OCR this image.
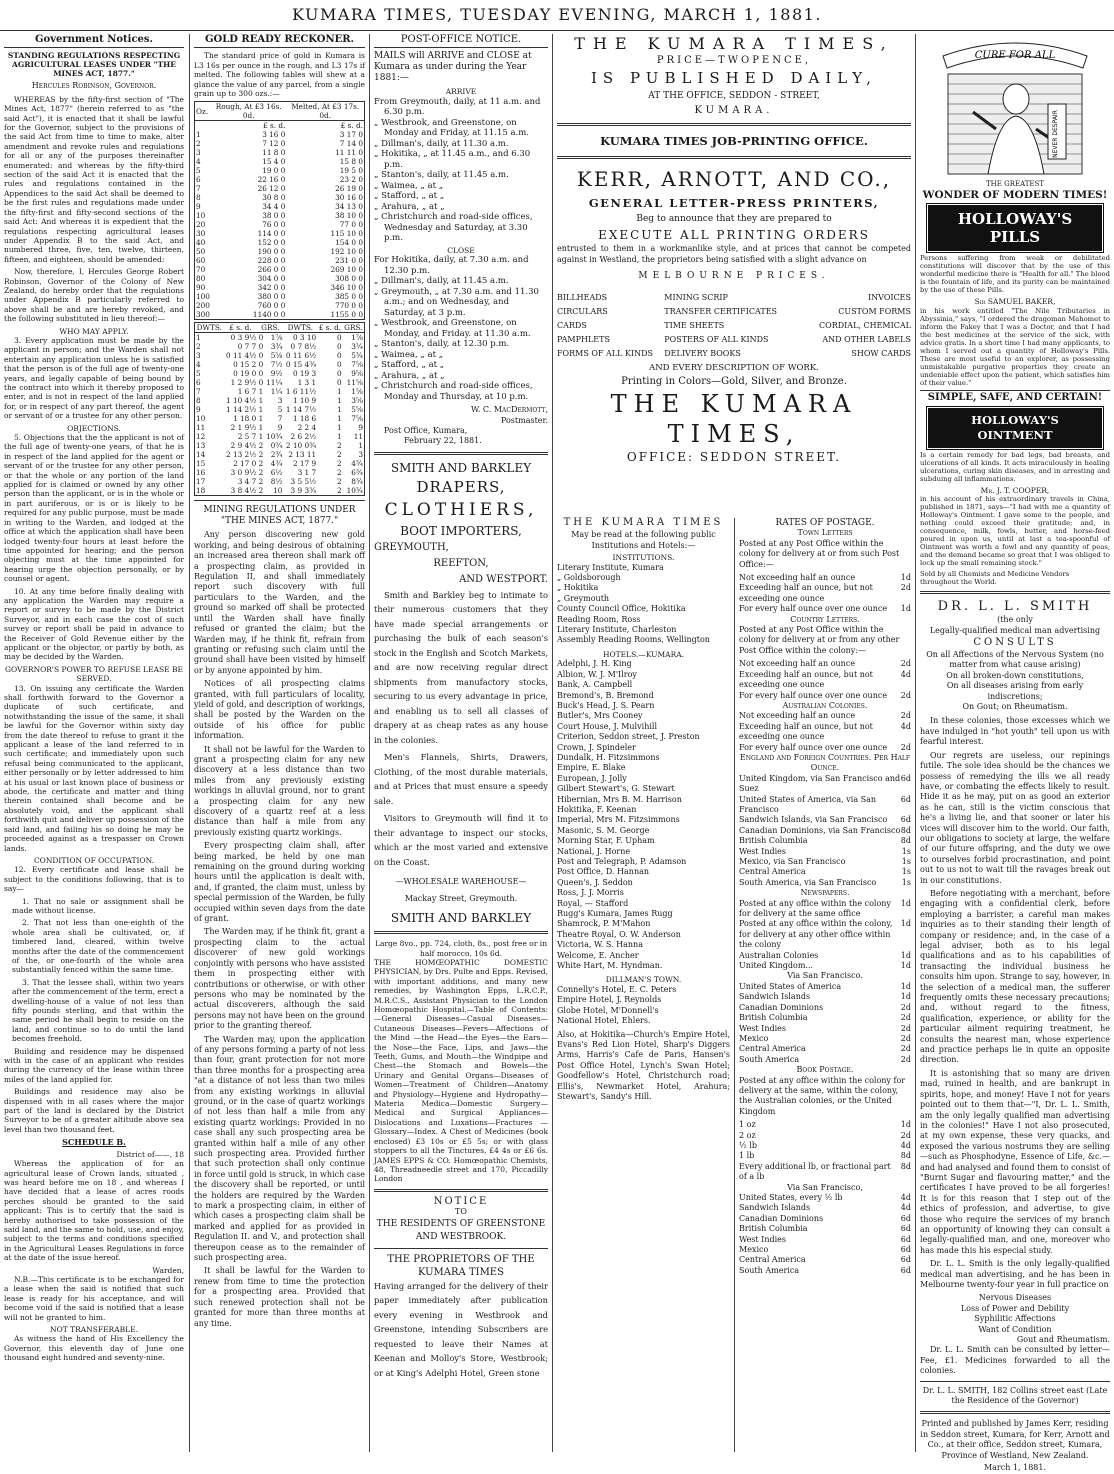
KUMARA TIMES, TUESDAY EVENING, MARCH 1, 1881.
Government Notices.
STANDING REGULATIONS RESPECTING AGRICULTURAL LEASES UNDER "THE MINES ACT, 1877."
Hercules Robinson, Governor.

WHEREAS by the fifty-first section of "The Mines Act, 1877" (herein referred to as "the said Act"), it is enacted that it shall be lawful for the Governor, subject to the provisions of the said Act from time to time to make, alter amendment and revoke rules and regulations for all or any of the purposes thereinafter enumerated: and whereas by the fifty-third section of the said Act it is enacted that the rules and regulations contained in the Appendices to the said Act shall be deemed to be the first rules and regulations made under the fifty-first and fifty-second sections of the said Act: And whereas it is expedient that the regulations respecting agricultural leases under Appendix B to the said Act, and numbered three, five, ten, twelve, thirteen, fifteen, and eighteen, should be amended:

Now, therefore, I, Hercules George Robert Robinson, Governor of the Colony of New Zealand, do hereby order that the regulations under Appendix B particularly referred to above shall be and are hereby revoked, and the following substituted in lieu thereof:—

WHO MAY APPLY.

3. Every application must be made by the applicant in person; and the Warden shall not entertain any application unless he is satisfied that the person is of the full age of twenty-one years, and legally capable of being bound by the contract into which it thereby proposed to enter, and is not in respect of the land applied for, or in respect of any part thereof, the agent or servant of or a trustee for any other person.

OBJECTIONS.

5. Objections that the the applicant is not of the full age of twenty-one years, of that he is in respect of the land applied for the agent or servant of or the trustee for any other person, or that the whole or any portion of the land applied for is claimed or owned by any other person than the applicant, or is in the whole or in part auriferous, or is or is likely to be required for any public purpose, must be made in writing to the Warden, and lodged at the office at which the application shall have been lodged twenty-four hours at least before the time appointed for hearing; and the person objecting must at the time appointed for hearing urge the objection personally, or by counsel or agent.

10. At any time before finally dealing with any application the Warden may require a report or survey to be made by the District Surveyor, and in each case the cost of such survey or report shall be paid in advance to the Receiver of Gold Revenue either by the applicant or the objector, or partly by both, as may be decided by the Warden.

GOVERNOR'S POWER TO REFUSE LEASE BE SERVED.

13. On issuing any certificate the Warden shall forthwith forward to the Governor a duplicate of such certificate, and notwithstanding the issue of the same, it shall be lawful for the Governor within sixty day from the date thereof to refuse to grant it the applicant a lease of the land referred to in such certificate; and immediately upon such refusal being communicated to the applicant, either personally or by letter addressed to him at his usual or last known place of business or abode, the certificate and matter and thing therein contained shall become and be absolutely void, and the applicant shall forthwith quit and deliver up possession of the said land, and failing his so doing he may be proceeded against as a trespasser on Crown lands.

CONDITION OF OCCUPATION.

12. Every certificate and lease shall be subject to the conditions following, that is to say—

1. That no sale or assignment shall be made without license.

2. That not less than one-eighth of the whole area shall be cultivated, or, if timbered land, cleared, within twelve months after the date of the commencement of the, or one-fourth of the whole area substantially fenced within the same time.

3. That the lessee shall, within two years after the commencement of the term, erect a dwelling-house of a value of not less than fifty pounds sterling, and that within the same period he shall begin to reside on the land, and continue so to do until the land becomes freehold.

Building and residence may be dispensed with in the case of an applicant who resides during the currency of the lease within three miles of the land applied for.

Buildings and residence may also be dispensed with in all cases where the major part of the land is declared by the District Surveyor to be of a greater altitude above sea level than two thousand feet.

SCHEDULE B.
District of——, 18

Whereas the application of for an agricultural lease of Crown lands, situated , was heard before me on 18 , and whereas I have decided that a lease of acres roods perches should be granted to the said applicant: This is to certify that the said is hereby authorised to take possession of the said land, and the same to hold, use, and enjoy, subject to the terms and conditions specified in the Agricultural Leases Regulations in force at the date of the issue hereof.

Warden,

N.B.—This certificate is to be exchanged for a lease when the said is notified that such lease is ready for his acceptance, and will become void if the said is notified that a lease will not be granted to him.

NOT TRANSFERABLE.

As witness the hand of His Excellency the Governor, this eleventh day of June one thousand eight hundred and seventy-nine.

GOLD READY RECKONER.

The standard price of gold in Kumara is L3 16s per ounce in the rough, and L3 17s if melted. The following tables will shew at a glance the value of any parcel, from a single grain up to 300 ozs.:—

Oz.	Rough, At £3 16s. 0d.	Melted, At £3 17s. 0d.
	£ s. d.	£ s. d.
1	3 16 0	3 17 0
2	7 12 0	7 14 0
3	11 8 0	11 11 0
4	15 4 0	15 8 0
5	19 0 0	19 5 0
6	22 16 0	23 2 0
7	26 12 0	26 19 0
8	30 8 0	30 16 0
9	34 4 0	34 13 0
10	38 0 0	38 10 0
20	76 0 0	77 0 0
30	114 0 0	115 10 0
40	152 0 0	154 0 0
50	190 0 0	192 10 0
60	228 0 0	231 0 0
70	266 0 0	269 10 0
80	304 0 0	308 0 0
90	342 0 0	346 10 0
100	380 0 0	385 0 0
200	760 0 0	770 0 0
300	1140 0 0	1155 0 0
DWTS.	£ s. d.	GRS.		DWTS.	£ s. d.	GRS.
1	0 3 9½	0	1⅞	0 3 10	0	1⅞
2	0 7 7	0	3¾	0 7 8½	0	3¾
3	0 11 4½	0	5⅝	0 11 6½	0	5¾
4	0 15 2	0	7½	0 15 4¾	0	7⅝
5	0 19 0	0	9½	0 19 3	0	9⅝
6	1 2 9½	0	11¼	1 3 1	0	11⅝
7	1 6 7	1	1¼	1 6 11½	1	1⅝
8	1 10 4½	1	3	1 10 9	1	3⅝
9	1 14 2½	1	5	1 14 7½	1	5⅝
10	1 18 0	1	7	1 18 6	1	7⅝
11	2 1 9½	1	9	2 2 4	1	9
12	2 5 7	1	10¾	2 6 2½	1	11
13	2 9 4½	2	0¾	2 10 0¾	2	1
14	2 13 2½	2	2¾	2 13 11	2	3
15	2 17 0	2	4¾	2 17 9	2	4¾
16	3 0 9½	2	6½	3 1 7	2	6¾
17	3 4 7	2	8½	3 5 5½	2	8¾
18	3 8 4½	2	10	3 9 3¾	2	10¾
MINING REGULATIONS UNDER "THE MINES ACT, 1877."

Any person discovering new gold working, and being desirous of obtaining an increased area thereon shall mark off a prospecting claim, as provided in Regulation II, and shall immediately report such discovery with full particulars to the Warden, and the ground so marked off shall be protected until the Warden shall have finally refused or granted the claim; but the Warden may, if he think fit, refrain from granting or refusing such claim until the ground shall have been visited by himself or by anyone appointed by him.

Notices of all prospecting claims granted, with full particulars of locality, yield of gold, and description of workings, shall be posted by the Warden on the outside of his office for public information.

It shall not be lawful for the Warden to grant a prospecting claim for any new discovery at a less distance than two miles from any previously existing workings in alluvial ground, nor to grant a prospecting claim for any new discovery of a quartz reef at a less distance than half a mile from any previously existing quartz workings.

Every prospecting claim shall, after being marked, be held by one man remaining on the ground during working hours until the application is dealt with, and, if granted, the claim must, unless by special permission of the Warden, be fully occupied within seven days from the date of grant.

The Warden may, if he think fit, grant a prospecting claim to the actual discoverer of new gold workings conjointly with persons who have assisted them in prospecting either with contributions or otherwise, or with other persons who may be nominated by the actual discoverers, although the said persons may not have been on the ground prior to the granting thereof.

The Warden may, upon the application of any persons forming a party of not less than four, grant protection for not more than three months for a prospecting area "at a distance of not less than two miles from any existing workings in alluvial ground, or in the case of quartz workings of not less than half a mile from any existing quartz workings: Provided in no case shall any such prospecting area be granted within half a mile of any other such prospecting area. Provided further that such protection shall only continue in force until gold is struck, in which case the discovery shall be reported, or until the holders are required by the Warden to mark a prospecting claim, in either of which cases a prospecting claim shall be marked and applied for as provided in Regulation II. and V., and protection shall thereupon cease as to the remainder of such prospecting area.

It shall be lawful for the Warden to renew from time to time the protection for a prospecting area. Provided that such renewed protection shall not be granted for more than three months at any time.

POST-OFFICE NOTICE.

MAILS will ARRIVE and CLOSE at Kumara as under during the Year 1881:—

ARRIVE
From Greymouth, daily, at 11 a.m. and 6.30 p.m.
„ Westbrook, and Greenstone, on Monday and Friday, at 11.15 a.m.
„ Dillman's, daily, at 11.30 a.m.
„ Hokitika, „ at 11.45 a.m., and 6.30 p.m.
„ Stanton's, daily, at 11.45 a.m.
„ Waimea, „ at „
„ Stafford, „ at „
„ Arahura, „ at „
„ Christchurch and road-side offices, Wednesday and Saturday, at 3.30 p.m.
CLOSE
For Hokitika, daily, at 7.30 a.m. and 12.30 p.m.
„ Dillman's, daily, at 11.45 a.m.
„ Greymouth, „ at 7.30 a.m. and 11.30 a.m.; and on Wednesday, and Saturday, at 3 p.m.
„ Westbrook, and Greenstone, on Monday, and Friday. at 11.30 a.m.
„ Stanton's, daily, at 12.30 p.m.
„ Waimea, „ at „
„ Stafford, „ at „
„ Arahura, „ at „
„ Christchurch and road-side offices, Monday and Thursday, at 10 p.m.
W. C. MacDermott,
Postmaster.
Post Office, Kumara,
February 22, 1881.
SMITH AND BARKLEY
DRAPERS,
CLOTHIERS,
BOOT IMPORTERS,
GREYMOUTH,
REEFTON,
AND WESTPORT.

Smith and Barkley beg to intimate to their numerous customers that they have made special arrangements or purchasing the bulk of each season's stock in the English and Scotch Markets, and are now receiving regular direct shipments from manufactory stocks, securing to us every advantage in price, and enabling us to sell all classes of drapery at as cheap rates as any house in the colonies.

Men's Flannels, Shirts, Drawers, Clothing, of the most durable materials, and at Prices that must ensure a speedy sale.

Visitors to Greymouth will find it to their advantage to inspect our stocks, which ar the most varied and extensive on the Coast.

—WHOLESALE WAREHOUSE—
Mackay Street, Greymouth.
SMITH AND BARKLEY
Large 8vo., pp. 724, cloth, 8s., post free or in half morocco, 10s 6d.

THE HOMŒOPATHIC DOMESTIC PHYSICIAN, by Drs. Pulte and Epps. Revised, with important additions, and many new remedies, by Washington Epps, L.R.C.P., M.R.C.S., Assistant Physician to the London Homœopathic Hospital.—Table of Contents:—General Diseases—Casual Diseases—Cutaneous Diseases—Fevers—Affections of the Mind —the Head—the Eyes—the Ears—the Nose—the Face, Lips, and Jaws—the Teeth, Gums, and Mouth—the Windpipe and Chest—the Stomach and Bowels—the Urinary and Genital Organs—Diseases of Women—Treatment of Children—Anatomy and Physiology—Hygiene and Hydropathy—Materia Medica—Domestic Surgery—Medical and Surgical Appliances—Dislocations and Luxations—Fractures —Glossary—Index. A Chest of Medicines (book enclosed) £3 10s or £5 5s; or with glass stoppers to all the Tinctures, £4 4s or £6 6s. JAMES EPPS & CO. Homœopathic Chemists, 48, Threadneedle street and 170, Piccadilly London

NOTICE
TO
THE RESIDENTS OF GREENSTONE AND WESTBROOK.
THE PROPRIETORS OF THE KUMARA TIMES

Having arranged for the delivery of their paper immediately after publication every evening in Westbrook and Greenstone, intending Subscribers are requested to leave their Names at Keenan and Molloy's Store, Westbrook; or at King's Adelphi Hotel, Green stone

THE KUMARA TIMES,
PRICE—TWOPENCE,
IS PUBLISHED DAILY,
AT THE OFFICE, SEDDON - STREET,
KUMARA.
KUMARA TIMES JOB-PRINTING OFFICE.
KERR, ARNOTT, AND CO.,
GENERAL LETTER-PRESS PRINTERS,
Beg to announce that they are prepared to
EXECUTE ALL PRINTING ORDERS

entrusted to them in a workmanlike style, and at prices that cannot be competed against in Westland, the proprietors being satisfied with a slight advance on

MELBOURNE PRICES.
BILLHEADS	MINING SCRIP	INVOICES
CIRCULARS	TRANSFER CERTIFICATES	CUSTOM FORMS
CARDS	TIME SHEETS	CORDIAL, CHEMICAL
PAMPHLETS	POSTERS OF ALL KINDS	AND OTHER LABELS
FORMS OF ALL KINDS	DELIVERY BOOKS	SHOW CARDS
AND EVERY DESCRIPTION OF WORK.
Printing in Colors—Gold, Silver, and Bronze.
THE KUMARA TIMES,
OFFICE: SEDDON STREET.
THE KUMARA TIMES
May be read at the following public Institutions and Hotels:—
INSTITUTIONS.
Literary Institute, Kumara
„ Goldsborough
„ Hokitika
„ Greymouth
County Council Office, Hokitika
Reading Room, Ross
Literary Institute, Charleston
Assembly Reading Rooms, Wellington
HOTELS.—KUMARA.
Adelphi, J. H. King
Albion, W. J. M'Ilroy
Bank, A. Campbell
Bremond's, B. Bremond
Buck's Head, J. S. Pearn
Butler's, Mrs Cooney
Court House, J. Mulvihill
Criterion, Seddon street, J. Preston
Crown, J. Spindeler
Dundalk, H. Fitzsimmons
Empire, E. Blake
European, J. Jolly
Gilbert Stewart's, G. Stewart
Hibernian, Mrs B. M. Harrison
Hokitika, F. Keenan
Imperial, Mrs M. Fitzsimmons
Masonic, S. M. George
Morning Star, F. Upham
National, J. Horne
Post and Telegraph, P. Adamson
Post Office, D. Hannan
Queen's, J. Seddon
Ross, J. J. Morris
Royal, — Stafford
Rugg's Kumara, James Rugg
Shamrock, P. M'Mahon
Theatre Royal, O. W. Anderson
Victoria, W. S. Hanna
Welcome, E. Ancher
White Hart, M. Hyndman.
DILLMAN'S TOWN.
Connelly's Hotel, E. C. Peters
Empire Hotel, J. Reynolds
Globe Hotel, M'Donnell's
National Hotel, Ehlers.

Also, at Hokitika—Church's Empire Hotel, Evans's Red Lion Hotel, Sharp's Diggers Arms, Harris's Cafe de Paris, Hansen's Post Office Hotel, Lynch's Swan Hotel; Goodfellow's Hotel, Christchurch road; Ellis's, Newmarket Hotel, Arahura; Stewart's, Sandy's Hill.

RATES OF POSTAGE.
Town Letters

Posted at any Post Office within the colony for delivery at or from such Post Office:—

Not exceeding half an ounce	1d
Exceeding half an ounce, but not exceeding one ounce
2d
For every half ounce over one ounce 1d
Country Letters.

Posted at any Post Office within the colony for delivery at or from any other Post Office within the colony:—

Not exceeding half an ounce	2d
Exceeding half an ounce, but not exceeding one ounce
4d
For every half ounce over one ounce 2d
Australian Colonies.
Not exceeding half an ounce	2d
Exceeding half an ounce, but not exceeding one ounce
4d
For every half ounce over one ounce 2d
England and Foreign Countries. Per Half Ounce.
United Kingdom, via San Francisco and Suez
6d
United States of America, via San Francisco
6d
Sandwich Islands, via San Francisco 6d
Canadian Dominions, via San Francisco 8d
British Columbia	8d
West Indies	1s
Mexico, via San Francisco	1s
Central America	1s
South America, via San Francisco	1s
Newspapers.
Posted at any office within the colony for delivery at the same office
1d
Posted at any office within the colony, for delivery at any other office within the colony
1d
Australian Colonies	1d
United Kingdom...	1d
Via San Francisco.
United States of America	1d
Sandwich Islands	1d
Canadian Dominions	2d
British Columbia	2d
West Indies	2d
Mexico	2d
Central America	2d
South America	2d
Book Postage.

Posted at any office within the colony for delivery at the same, within the colony, the Australian colonies, or the United Kingdom

1 oz	1d
2 oz	2d
½ lb	4d
1 lb	8d
Every additional lb, or fractional part of a lb
8d
Via San Francisco,
United States, every ½ lb	4d
Sandwich Islands	4d
Canadian Dominions	6d
British Columbia	6d
West Indies	6d
Mexico	6d
Central America	6d
South America	6d
CURE FOR ALL
NEVER DESPAIR
THE GREATEST
WONDER OF MODERN TIMES!
HOLLOWAY'S PILLS

Persons suffering from weak or debilitated constitutions will discover that by the use of this wonderful medicine there is "Health for all." The blood is the fountain of life, and its purity can be maintained by the use of these Pills.

Sir SAMUEL BAKER,

in his work entitled "The Nile Tributaries in Abyssinia," says, "I ordered the dragoman Mahomet to inform the Fakey that I was a Doctor, and that I had the best medicines at the service of the sick, with advice gratis. In a short time I had many applicants, to whom I served out a quantity of Holloway's Pills. These are most useful to an explorer, as possessing unmistakable purgative properties they create an undeniable effect upon the patient, which satisfies him of their value."

SIMPLE, SAFE, AND CERTAIN!
HOLLOWAY'S OINTMENT

Is a certain remedy for bad legs, bad breasts, and ulcerations of all kinds. It acts miraculously in healing ulcerations, curing skin diseases, and in arresting and subduing all inflammations.

Mr. J. T. COOPER,

in his account of his extraordinary travels in China, published in 1871, says—"I had with me a quantity of Holloway's Ointment. I gave some to the people, and nothing could exceed their gratitude; and, in consequence, milk, fowls, butter, and horse-feed poured in upon us, until at last a tea-spoonful of Ointment was worth a fowl and any quantity of peas, and the demand became so great that I was obliged to lock up the small remaining stock."

Sold by all Chemists and Medicine Vendors throughout the World.

DR. L. L. SMITH
(the only
Legally-qualified medical man advertising
CONSULTS
On all Affections of the Nervous System (no matter from what cause arising)
On all broken-down constitutions,
On all diseases arising from early indiscretions;
On Gout; on Rheumatism.

In these colonies, those excesses which we have indulged in "hot youth" tell upon us with fearful interest.

Our regrets are useless, our repinings futile. The sole idea should be the chances we possess of remedying the ills we all ready have, or combating the effects likely to result. Hide it as he may, put on as good an exterior as he can, still is the victim conscious that he's a living lie, and that sooner or later his vices will discover him to the world. Our faith, our obligations to society at large, the welfare of our future offspring, and the duty we owe to ourselves forbid procrastination, and point out to us not to wait till the ravages break out in our constitutions.

Before negotiating with a merchant, before engaging with a confidential clerk, before employing a barrister, a careful man makes inquiries as to their standing their length of company or residence; and, in the case of a legal adviser, both as to his legal qualifications and as to his capabilities of transacting the individual business he consults him upon. Strange to say, however, in the selection of a medical man, the sufferer frequently omits these necessary precautions; and, without regard to the fitness, qualification, experience, or ability for the particular ailment requiring treatment, he consults the nearest man, whose experience and practice perhaps lie in quite an opposite direction.

It is astonishing that so many are driven mad, ruined in health, and are bankrupt in spirits, hope, and money! Have I not for years pointed out to them that—"I, Dr. L. L. Smith, am the only legally qualified man advertising in the colonies!" Have I not also prosecuted, at my own expense, these very quacks, and exposed the various nostrums they are selling—such as Phosphodyne, Essence of Life, &c.—and had analysed and found them to consist of "Burnt Sugar and flavouring matter," and the certificates I have proved to be all forgeries! It is for this reason that I step out of the ethics of profession, and advertise, to give those who require the services of my branch an opportunity of knowing they can consult a legally-qualified man, and one, moreover who has made this his especial study.

Dr. L. L. Smith is the only legally-qualified medical man advertising, and he has been in Melbourne twenty-four year in full practice on

Nervous Diseases
Loss of Power and Debility
Syphilitic Affections
Want of Condition
Gout and Rheumatism.

Dr. L. L. Smith can be consulted by letter—Fee, £1. Medicines forwarded to all the colonies.

Dr. L. L. SMITH, 182 Collins street east (Late the Residence of the Governor)
Printed and published by James Kerr, residing in Seddon street, Kumara, for Kerr, Arnott and Co., at their office, Seddon street, Kumara, Province of Westland, New Zealand.
March 1, 1881.
